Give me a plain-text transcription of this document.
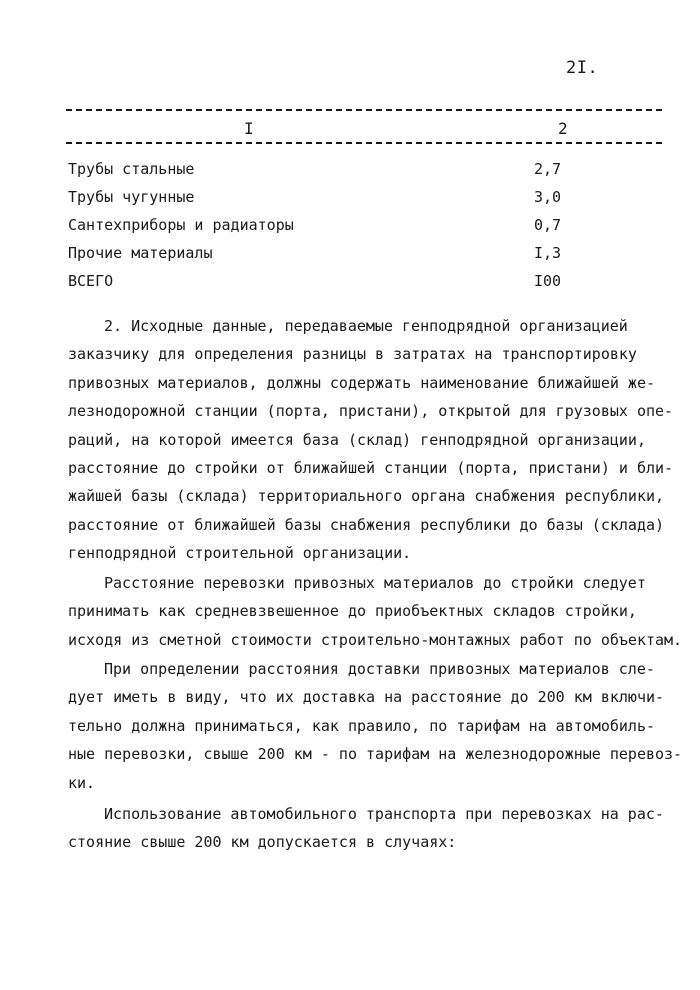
2I.
I	2
Трубы стальные	2,7
Трубы чугунные	3,0
Сантехприборы и радиаторы	0,7
Прочие материалы	I,3
ВСЕГО	I00
2. Исходные данные, передаваемые генподрядной организацией
заказчику для определения разницы в затратах на транспортировку
привозных материалов, должны содержать наименование ближайшей же-
лезнодорожной станции (порта, пристани), открытой для грузовых опе-
раций, на которой имеется база (склад) генподрядной организации,
расстояние до стройки от ближайшей станции (порта, пристани) и бли-
жайшей базы (склада) территориального органа снабжения республики,
расстояние от ближайшей базы снабжения республики до базы (склада)
генподрядной строительной организации.
Расстояние перевозки привозных материалов до стройки следует
принимать как средневзвешенное до приобъектных складов стройки,
исходя из сметной стоимости строительно-монтажных работ по объектам.
При определении расстояния доставки привозных материалов сле-
дует иметь в виду, что их доставка на расстояние до 200 км включи-
тельно должна приниматься, как правило, по тарифам на автомобиль-
ные перевозки, свыше 200 км - по тарифам на железнодорожные перевоз-
ки.
Использование автомобильного транспорта при перевозках на рас-
стояние свыше 200 км допускается в случаях:
